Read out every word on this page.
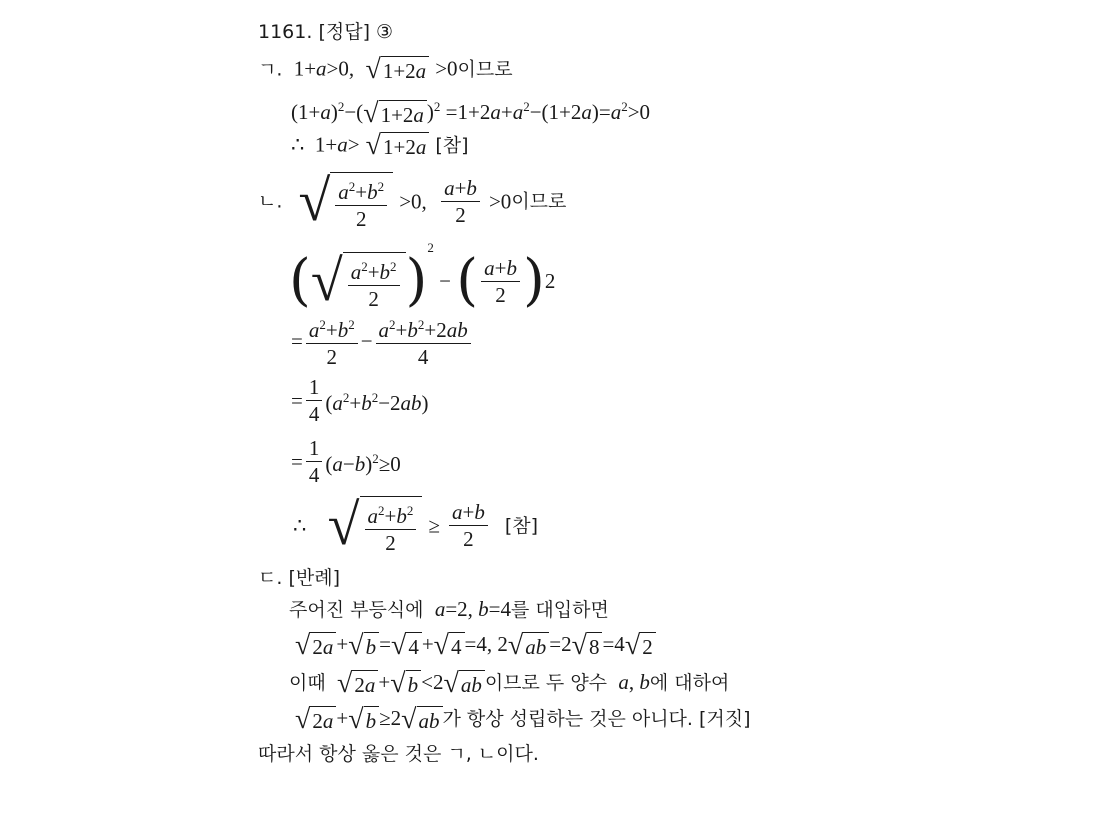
1161. [정답] ③
ㄱ.  1+a>0, √ 1+2a >0이므로
$(1+a)^2-$( √ 1+2a )$^2 =1+2a+a^2-(1+2a)=a^2>0$
∴  1+a> √ 1+2a [참]
ㄴ. √ $\frac{a^2+b^2}{2} >0$, $\frac{a+b}{2} >0$이므로
( √ $\frac{a^2+b^2}{2} )^2$ − ( $\frac{a+b}{2} )2$
= $\frac{a^2+b^2}{2} - \frac{a^2+b^2+2ab}{4}$
= $\frac{1}{4} (a^2+b^2-2ab)$
= $\frac{1}{4} (a-b)^2\ge 0$
∴ √ $\frac{a^2+b^2}{2} \ge \frac{a+b}{2}$ [참]
ㄷ. [반례]
주어진 부등식에 a=2, b=4를 대입하면
√ 2a + √ b = √ 4 + √ 4 =4, 2 √ ab =2 √ 8 =4 √ 2
이때 √ 2a + √ b <2 √ ab 이므로 두 양수 a, b에 대하여
√ 2a + √ b ≥2 √ ab 가 항상 성립하는 것은 아니다. [거짓]
따라서 항상 옳은 것은 ㄱ, ㄴ이다.
